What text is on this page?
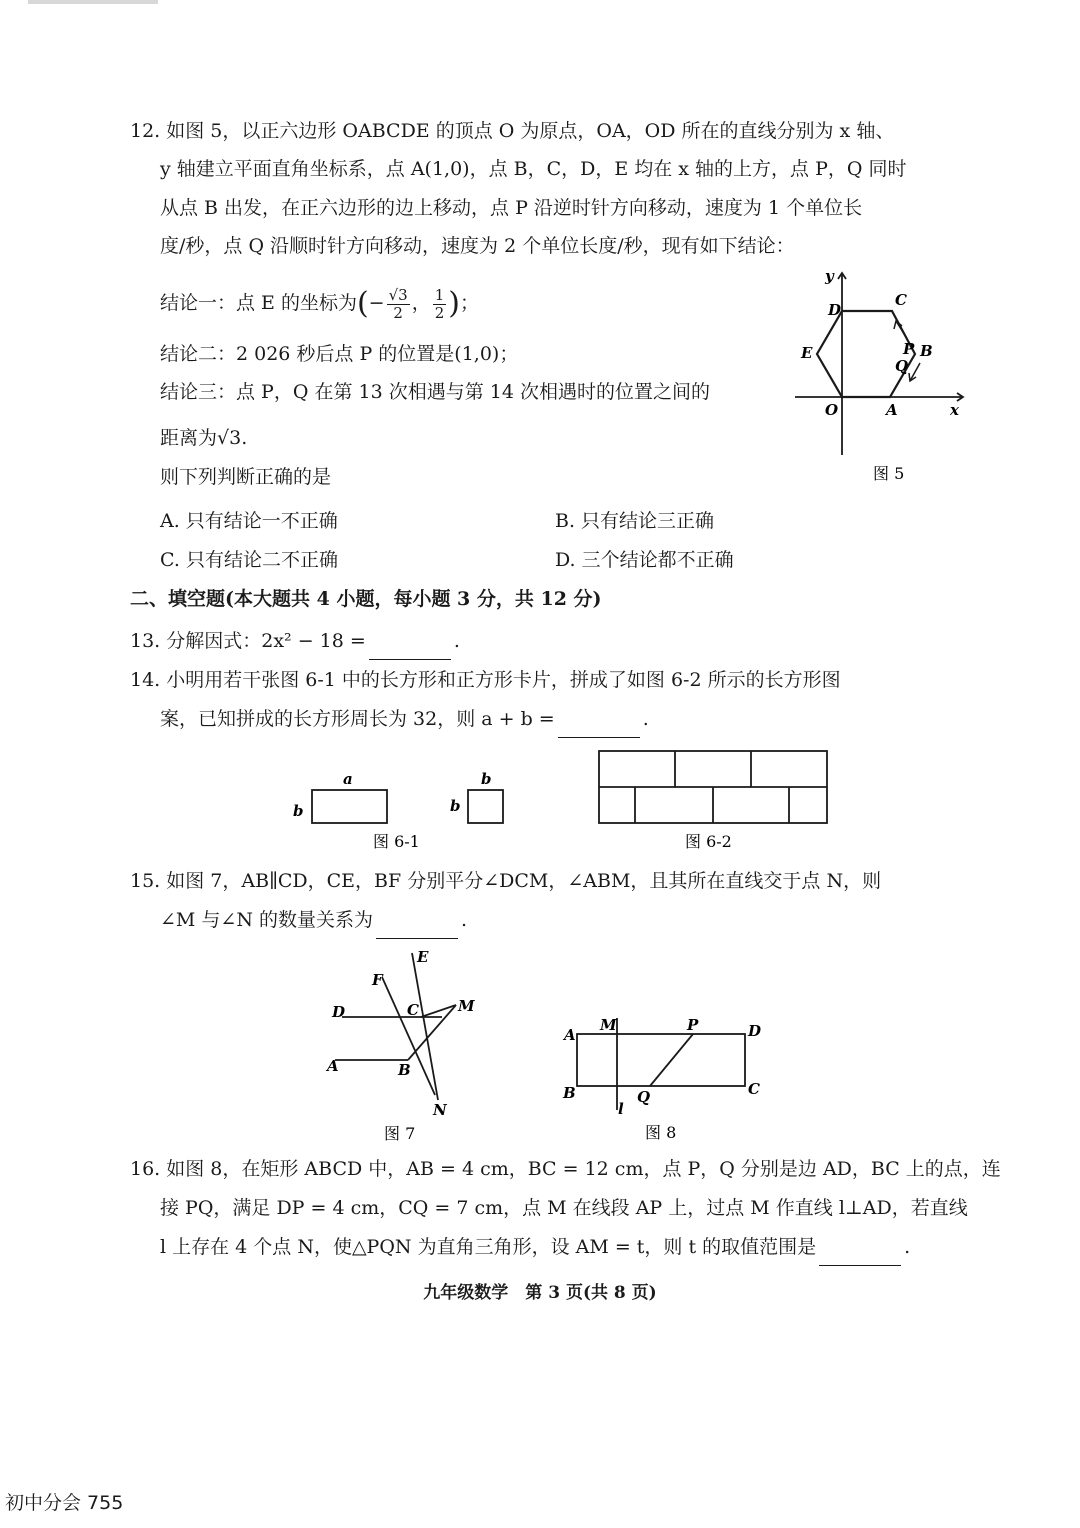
12. 如图 5，以正六边形 OABCDE 的顶点 O 为原点，OA，OD 所在的直线分别为 x 轴、
y 轴建立平面直角坐标系，点 A(1,0)，点 B，C，D，E 均在 x 轴的上方，点 P，Q 同时
从点 B 出发，在正六边形的边上移动，点 P 沿逆时针方向移动，速度为 1 个单位长
度/秒，点 Q 沿顺时针方向移动，速度为 2 个单位长度/秒，现有如下结论：
结论一：点 E 的坐标为(− $\frac{√3}{2}$ ， $\frac{1}{2}$ )；
结论二：2 026 秒后点 P 的位置是(1,0)；
结论三：点 P，Q 在第 13 次相遇与第 14 次相遇时的位置之间的
距离为√3.
则下列判断正确的是
A. 只有结论一不正确	B. 只有结论三正确
C. 只有结论二不正确	D. 三个结论都不正确
y
x
O	A
B
C
D
E	P
Q
图 5
二、填空题(本大题共 4 小题，每小题 3 分，共 12 分)
13. 分解因式：2x² − 18 =	.
14. 小明用若干张图 6-1 中的长方形和正方形卡片，拼成了如图 6-2 所示的长方形图
案，已知拼成的长方形周长为 32，则 a + b =	.
a
b
b
b
图 6-1	图 6-2
15. 如图 7，AB∥CD，CE，BF 分别平分∠DCM，∠ABM，且其所在直线交于点 N，则
∠M 与∠N 的数量关系为	.
E
F
D	C	M
A	B
N
图 7
A
M	P	D
B	Q	C
l
图 8
16. 如图 8，在矩形 ABCD 中，AB = 4 cm，BC = 12 cm，点 P，Q 分别是边 AD，BC 上的点，连
接 PQ，满足 DP = 4 cm，CQ = 7 cm，点 M 在线段 AP 上，过点 M 作直线 l⊥AD，若直线
l 上存在 4 个点 N，使△PQN 为直角三角形，设 AM = t，则 t 的取值范围是	.
九年级数学　第 3 页(共 8 页)
初中分会 755
